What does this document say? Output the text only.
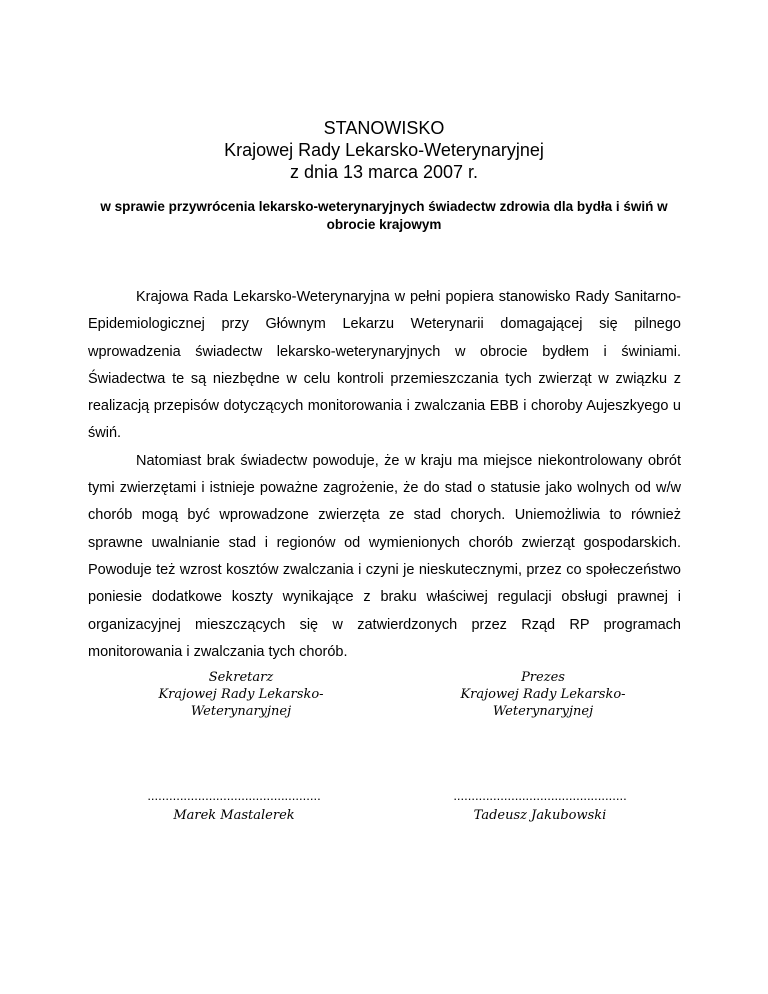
STANOWISKO
Krajowej Rady Lekarsko-Weterynaryjnej
z dnia 13 marca 2007 r.
w sprawie przywrócenia lekarsko-weterynaryjnych świadectw zdrowia dla bydła i świń w obrocie krajowym

Krajowa Rada Lekarsko-Weterynaryjna w pełni popiera stanowisko Rady Sanitarno-Epidemiologicznej przy Głównym Lekarzu Weterynarii domagającej się pilnego wprowadzenia świadectw lekarsko-weterynaryjnych w obrocie bydłem i świniami. Świadectwa te są niezbędne w celu kontroli przemieszczania tych zwierząt w związku z realizacją przepisów dotyczących monitorowania i zwalczania EBB i choroby Aujeszkyego u świń.

Natomiast brak świadectw powoduje, że w kraju ma miejsce niekontrolowany obrót tymi zwierzętami i istnieje poważne zagrożenie, że do stad o statusie jako wolnych od w/w chorób mogą być wprowadzone zwierzęta ze stad chorych. Uniemożliwia to również sprawne uwalnianie stad i regionów od wymienionych chorób zwierząt gospodarskich. Powoduje też wzrost kosztów zwalczania i czyni je nieskutecznymi, przez co społeczeństwo poniesie dodatkowe koszty wynikające z braku właściwej regulacji obsługi prawnej i organizacyjnej mieszczących się w zatwierdzonych przez Rząd RP programach monitorowania i zwalczania tych chorób.

Sekretarz
Krajowej Rady Lekarsko-
Weterynaryjnej
Prezes
Krajowej Rady Lekarsko-
Weterynaryjnej
................................................	................................................
Marek Mastalerek	Tadeusz Jakubowski
